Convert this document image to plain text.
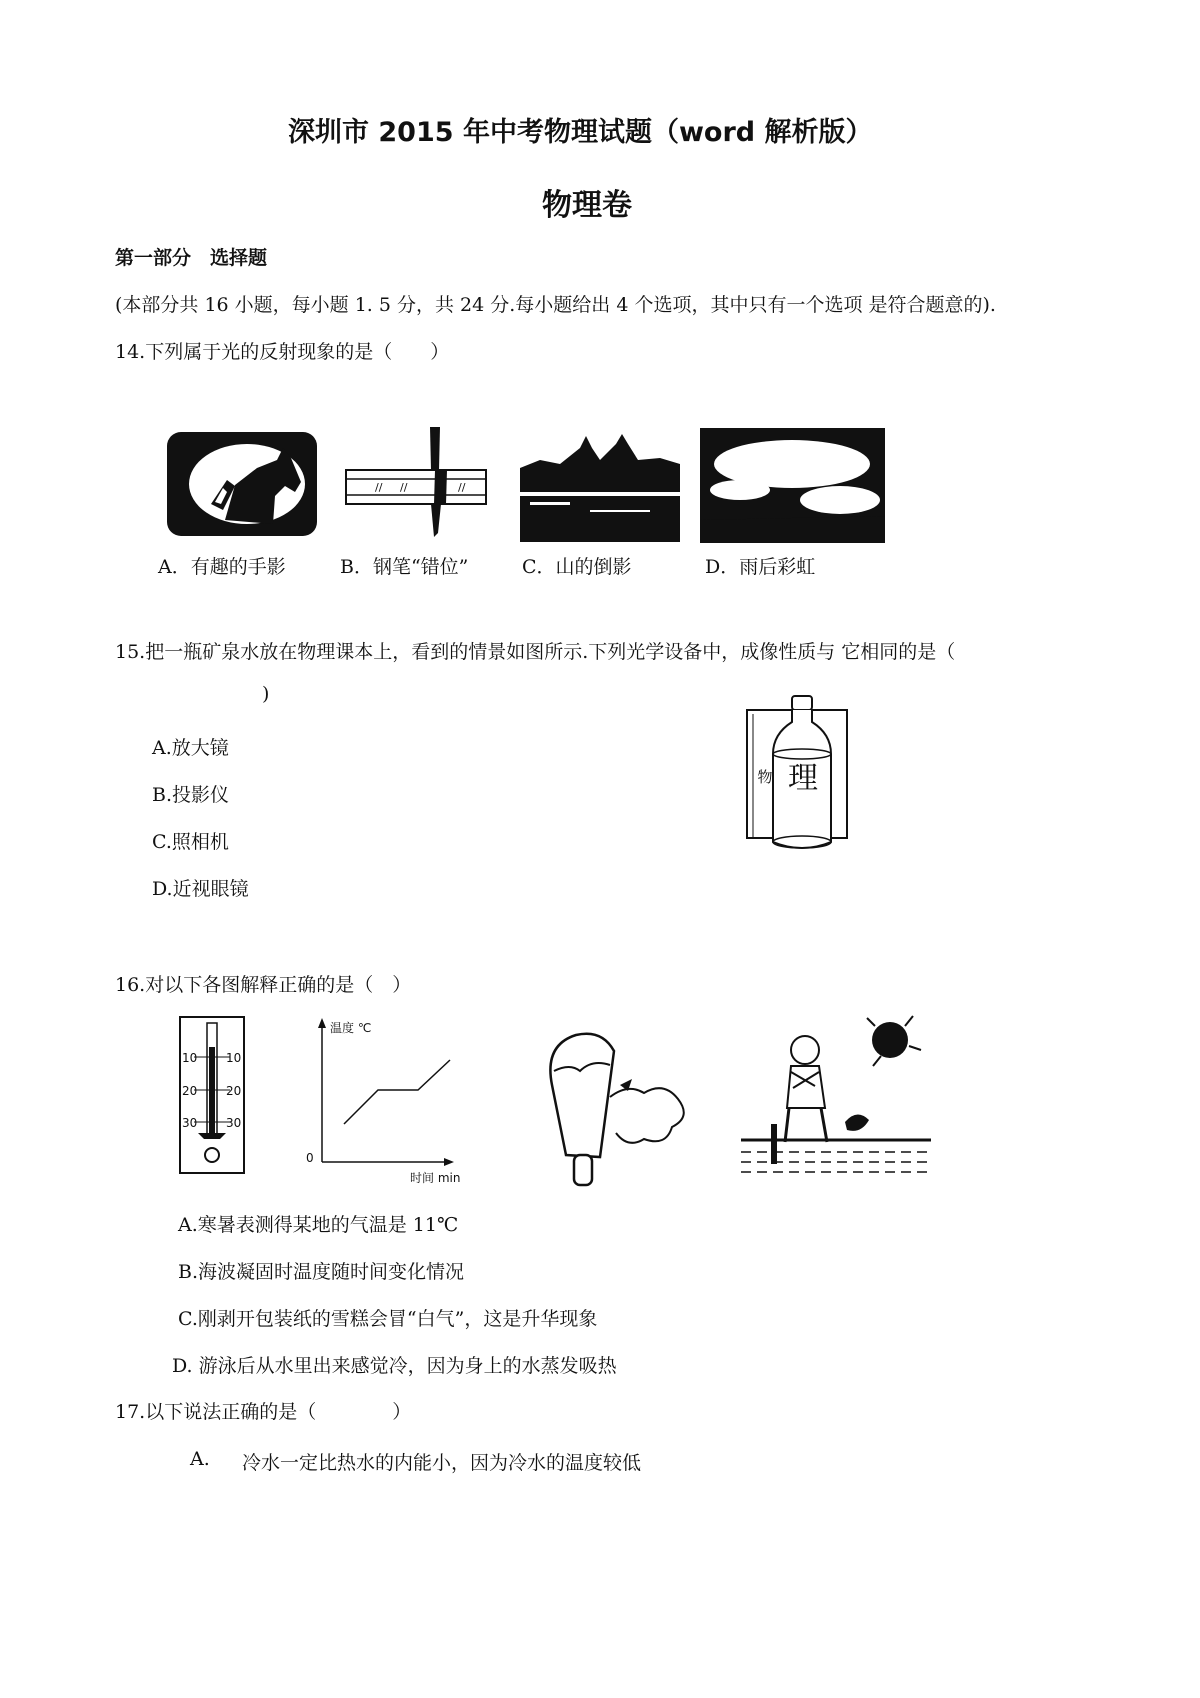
深圳市 2015 年中考物理试题（word 解析版）
物理卷
第一部分　选择题
(本部分共 16 小题，每小题 1. 5 分，共 24 分.每小题给出 4 个选项，其中只有一个选项 是符合题意的).
14.下列属于光的反射现象的是（　　）
// //	//
A．有趣的手影	B．钢笔“错位”	C．山的倒影	D．雨后彩虹
15.把一瓶矿泉水放在物理课本上，看到的情景如图所示.下列光学设备中，成像性质与 它相同的是（
)
A.放大镜
B.投影仪
C.照相机
D.近视眼镜
物 理
16.对以下各图解释正确的是（　）
10
20
30
10
20
30
温度 ℃
0
时间 min
A.寒暑表测得某地的气温是 11℃
B.海波凝固时温度随时间变化情况
C.刚剥开包装纸的雪糕会冒“白气”，这是升华现象
D. 游泳后从水里出来感觉冷，因为身上的水蒸发吸热
17.以下说法正确的是（　　　　）
A. 冷水一定比热水的内能小，因为冷水的温度较低
